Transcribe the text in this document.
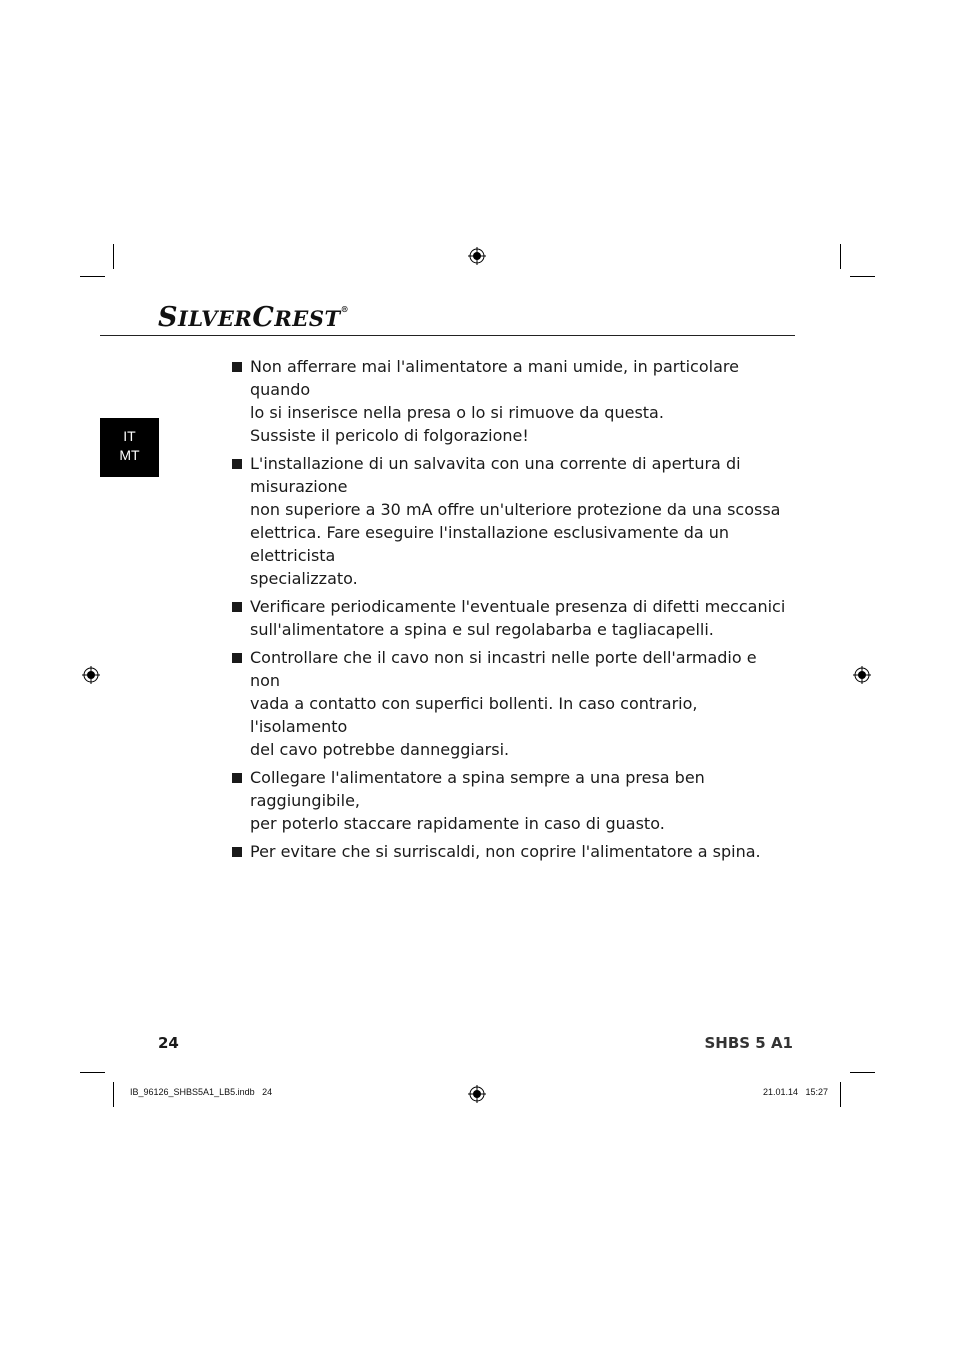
SILVERCREST®
IT
MT

Non afferrare mai l'alimentatore a mani umide, in particolare quando

lo si inserisce nella presa o lo si rimuove da questa.

Sussiste il pericolo di folgorazione!

L'installazione di un salvavita con una corrente di apertura di misurazione

non superiore a 30 mA offre un'ulteriore protezione da una scossa

elettrica. Fare eseguire l'installazione esclusivamente da un elettricista

specializzato.

Verificare periodicamente l'eventuale presenza di difetti meccanici

sull'alimentatore a spina e sul regolabarba e tagliacapelli.

Controllare che il cavo non si incastri nelle porte dell'armadio e non

vada a contatto con superfici bollenti. In caso contrario, l'isolamento

del cavo potrebbe danneggiarsi.

Collegare l'alimentatore a spina sempre a una presa ben raggiungibile,

per poterlo staccare rapidamente in caso di guasto.

Per evitare che si surriscaldi, non coprire l'alimentatore a spina.

24	SHBS 5 A1
IB_96126_SHBS5A1_LB5.indb   24	21.01.14   15:27
